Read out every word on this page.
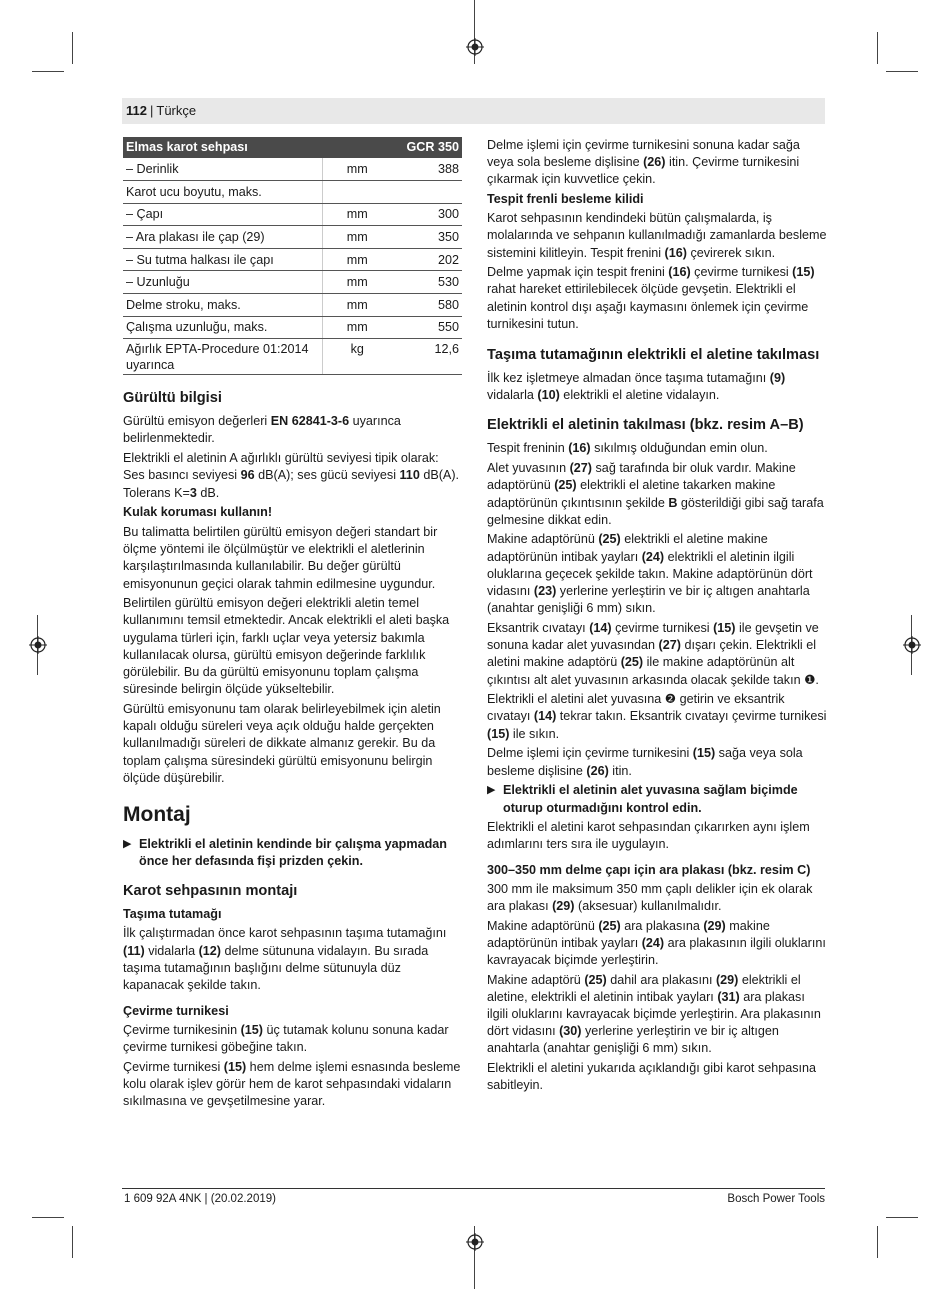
112 | Türkçe
Elmas karot sehpası		GCR 350
– Derinlik	mm	388
Karot ucu boyutu, maks.		
– Çapı	mm	300
– Ara plakası ile çap (29)	mm	350
– Su tutma halkası ile çapı	mm	202
– Uzunluğu	mm	530
Delme stroku, maks.	mm	580
Çalışma uzunluğu, maks.	mm	550
Ağırlık EPTA-Procedure 01:2014 uyarınca	kg	12,6
Gürültü bilgisi

Gürültü emisyon değerleri EN 62841-3-6 uyarınca belirlenmektedir.

Elektrikli el aletinin A ağırlıklı gürültü seviyesi tipik olarak: Ses basıncı seviyesi 96 dB(A); ses gücü seviyesi 110 dB(A). Tolerans K=3 dB.

Kulak koruması kullanın!

Bu talimatta belirtilen gürültü emisyon değeri standart bir ölçme yöntemi ile ölçülmüştür ve elektrikli el aletlerinin karşılaştırılmasında kullanılabilir. Bu değer gürültü emisyonunun geçici olarak tahmin edilmesine uygundur.

Belirtilen gürültü emisyon değeri elektrikli aletin temel kullanımını temsil etmektedir. Ancak elektrikli el aleti başka uygulama türleri için, farklı uçlar veya yetersiz bakımla kullanılacak olursa, gürültü emisyon değerinde farklılık görülebilir. Bu da gürültü emisyonunu toplam çalışma süresinde belirgin ölçüde yükseltebilir.

Gürültü emisyonunu tam olarak belirleyebilmek için aletin kapalı olduğu süreleri veya açık olduğu halde gerçekten kullanılmadığı süreleri de dikkate almanız gerekir. Bu da toplam çalışma süresindeki gürültü emisyonunu belirgin ölçüde düşürebilir.

Montaj
▶ Elektrikli el aletinin kendinde bir çalışma yapmadan önce her defasında fişi prizden çekin.
Karot sehpasının montajı
Taşıma tutamağı

İlk çalıştırmadan önce karot sehpasının taşıma tutamağını (11) vidalarla (12) delme sütununa vidalayın. Bu sırada taşıma tutamağının başlığını delme sütunuyla düz kapanacak şekilde takın.

Çevirme turnikesi

Çevirme turnikesinin (15) üç tutamak kolunu sonuna kadar çevirme turnikesi göbeğine takın.

Çevirme turnikesi (15) hem delme işlemi esnasında besleme kolu olarak işlev görür hem de karot sehpasındaki vidaların sıkılmasına ve gevşetilmesine yarar.

Delme işlemi için çevirme turnikesini sonuna kadar sağa veya sola besleme dişlisine (26) itin. Çevirme turnikesini çıkarmak için kuvvetlice çekin.

Tespit frenli besleme kilidi

Karot sehpasının kendindeki bütün çalışmalarda, iş molalarında ve sehpanın kullanılmadığı zamanlarda besleme sistemini kilitleyin. Tespit frenini (16) çevirerek sıkın.

Delme yapmak için tespit frenini (16) çevirme turnikesi (15) rahat hareket ettirilebilecek ölçüde gevşetin. Elektrikli el aletinin kontrol dışı aşağı kaymasını önlemek için çevirme turnikesini tutun.

Taşıma tutamağının elektrikli el aletine takılması

İlk kez işletmeye almadan önce taşıma tutamağını (9) vidalarla (10) elektrikli el aletine vidalayın.

Elektrikli el aletinin takılması (bkz. resim A–B)

Tespit freninin (16) sıkılmış olduğundan emin olun.

Alet yuvasının (27) sağ tarafında bir oluk vardır. Makine adaptörünü (25) elektrikli el aletine takarken makine adaptörünün çıkıntısının şekilde B gösterildiği gibi sağ tarafa gelmesine dikkat edin.

Makine adaptörünü (25) elektrikli el aletine makine adaptörünün intibak yayları (24) elektrikli el aletinin ilgili oluklarına geçecek şekilde takın. Makine adaptörünün dört vidasını (23) yerlerine yerleştirin ve bir iç altıgen anahtarla (anahtar genişliği 6 mm) sıkın.

Eksantrik cıvatayı (14) çevirme turnikesi (15) ile gevşetin ve sonuna kadar alet yuvasından (27) dışarı çekin. Elektrikli el aletini makine adaptörü (25) ile makine adaptörünün alt çıkıntısı alt alet yuvasının arkasında olacak şekilde takın ❶.

Elektrikli el aletini alet yuvasına ❷ getirin ve eksantrik cıvatayı (14) tekrar takın. Eksantrik cıvatayı çevirme turnikesi (15) ile sıkın.

Delme işlemi için çevirme turnikesini (15) sağa veya sola besleme dişlisine (26) itin.

▶ Elektrikli el aletinin alet yuvasına sağlam biçimde oturup oturmadığını kontrol edin.

Elektrikli el aletini karot sehpasından çıkarırken aynı işlem adımlarını ters sıra ile uygulayın.

300–350 mm delme çapı için ara plakası (bkz. resim C)

300 mm ile maksimum 350 mm çaplı delikler için ek olarak ara plakası (29) (aksesuar) kullanılmalıdır.

Makine adaptörünü (25) ara plakasına (29) makine adaptörünün intibak yayları (24) ara plakasının ilgili oluklarını kavrayacak biçimde yerleştirin.

Makine adaptörü (25) dahil ara plakasını (29) elektrikli el aletine, elektrikli el aletinin intibak yayları (31) ara plakası ilgili oluklarını kavrayacak biçimde yerleştirin. Ara plakasının dört vidasını (30) yerlerine yerleştirin ve bir iç altıgen anahtarla (anahtar genişliği 6 mm) sıkın.

Elektrikli el aletini yukarıda açıklandığı gibi karot sehpasına sabitleyin.

1 609 92A 4NK | (20.02.2019)	Bosch Power Tools
